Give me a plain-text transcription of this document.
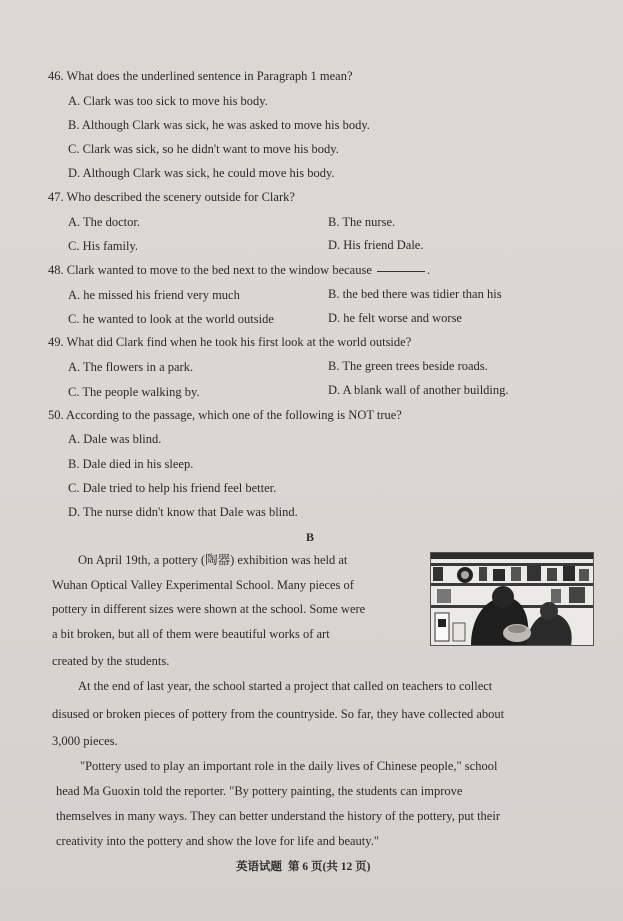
46. What does the underlined sentence in Paragraph 1 mean?
A. Clark was too sick to move his body.
B. Although Clark was sick, he was asked to move his body.
C. Clark was sick, so he didn't want to move his body.
D. Although Clark was sick, he could move his body.
47. Who described the scenery outside for Clark?
A. The doctor.	B. The nurse.
C. His family.	D. His friend Dale.
48. Clark wanted to move to the bed next to the window because	.
A. he missed his friend very much	B. the bed there was tidier than his
C. he wanted to look at the world outside	D. he felt worse and worse
49. What did Clark find when he took his first look at the world outside?
A. The flowers in a park.	B. The green trees beside roads.
C. The people walking by.	D. A blank wall of another building.
50. According to the passage, which one of the following is NOT true?
A. Dale was blind.
B. Dale died in his sleep.
C. Dale tried to help his friend feel better.
D. The nurse didn't know that Dale was blind.
B
On April 19th, a pottery (陶器) exhibition was held at
Wuhan Optical Valley Experimental School. Many pieces of
pottery in different sizes were shown at the school. Some were
a bit broken, but all of them were beautiful works of art
created by the students.
At the end of last year, the school started a project that called on teachers to collect
disused or broken pieces of pottery from the countryside. So far, they have collected about
3,000 pieces.
"Pottery used to play an important role in the daily lives of Chinese people," school
head Ma Guoxin told the reporter. "By pottery painting, the students can improve
themselves in many ways. They can better understand the history of the pottery, put their
creativity into the pottery and show the love for life and beauty."
英语试题 第 6 页(共 12 页)
